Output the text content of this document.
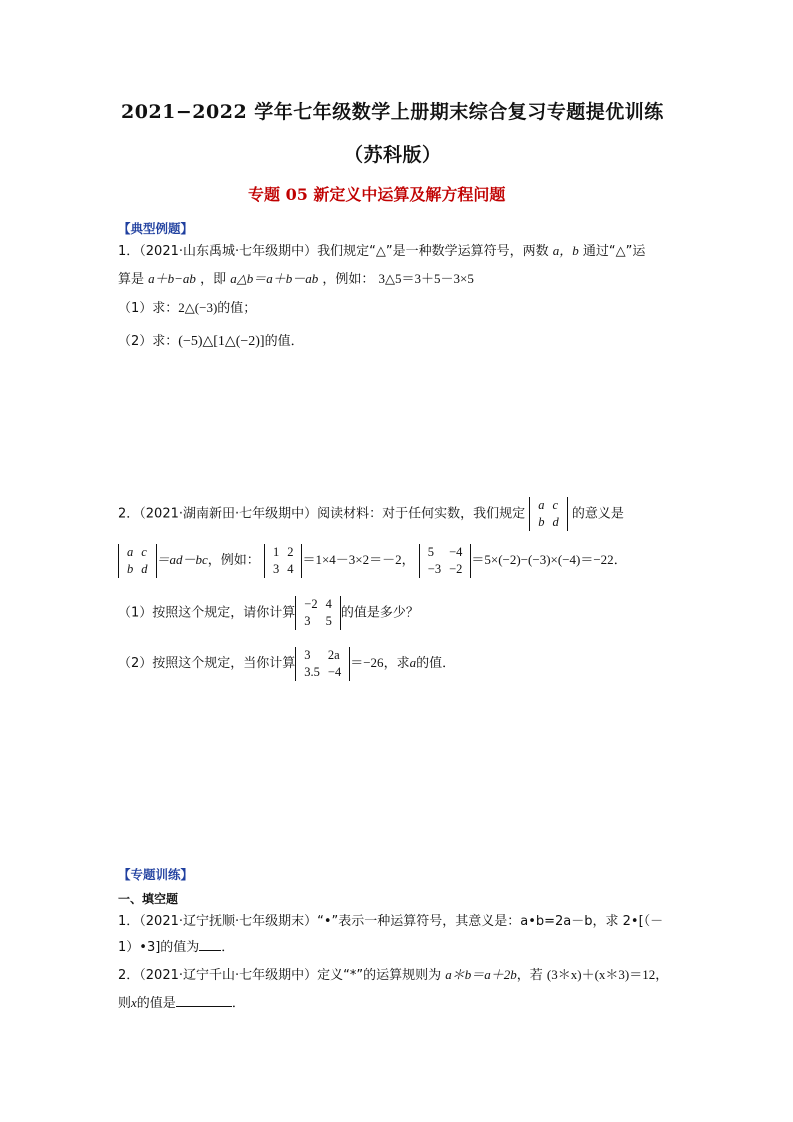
2021−2022 学年七年级数学上册期末综合复习专题提优训练
（苏科版）
专题 05 新定义中运算及解方程问题
【典型例题】
1．（2021·山东禹城·七年级期中）我们规定“△”是一种数学运算符号，两数 a，b 通过“△”运
算是 a＋b−ab ，即 a△b＝a＋b－ab ，例如： 3△5＝3＋5－3×5
（1）求：2△(−3)的值；
（2）求：(−5)△[1△(−2)]的值．
2．（2021·湖南新田·七年级期中）阅读材料：对于任何实数，我们规定
a	c
b	d
的意义是
a	c
b	d
＝ad－bc，例如：
1	2
3	4
＝1×4－3×2＝－2，
5	−4
−3	−2
＝5×(−2)−(−3)×(−4)＝−22．
（1）按照这个规定，请你计算
−2	4
3	5
的值是多少？
（2）按照这个规定，当你计算
3	2a
3.5	−4
＝−26，求a的值．
【专题训练】
一、填空题
1．（2021·辽宁抚顺·七年级期末）“•”表示一种运算符号，其意义是：a•b=2a－b，求 2•[（－
1）•3]的值为 ．
2．（2021·辽宁千山·七年级期中）定义“*”的运算规则为 a＊b＝a＋2b，若 (3＊x)＋(x＊3)＝12，
则x的值是	．
